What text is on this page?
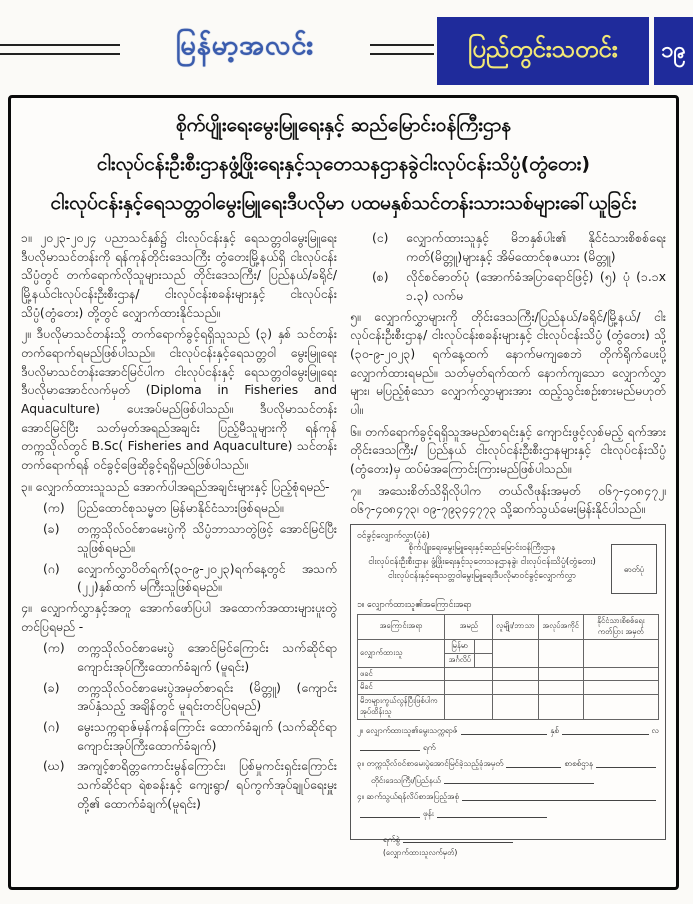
မြန်မာ့အလင်း	ပြည်တွင်းသတင်း ၁၉
စိုက်ပျိုးရေးမွေးမြူရေးနှင့် ဆည်မြောင်းဝန်ကြီးဌာန
ငါးလုပ်ငန်းဦးစီးဌာနဖွံ့ဖြိုးရေးနှင့်သုတေသနဌာနခွဲငါးလုပ်ငန်းသိပ္ပံ(တွံတေး)
ငါးလုပ်ငန်းနှင့်ရေသတ္တဝါမွေးမြူရေးဒီပလိုမာ ပထမနှစ်သင်တန်းသားသစ်များခေါ်ယူခြင်း

၁။ ၂၀၂၃-၂၀၂၄ ပညာသင်နှစ်၌ ငါးလုပ်ငန်းနှင့် ရေသတ္တဝါမွေးမြူရေး ဒီပလိုမာသင်တန်းကို ရန်ကုန်တိုင်းဒေသကြီး တွံတေးမြို့နယ်ရှိ ငါးလုပ်ငန်းသိပ္ပံတွင် တက်ရောက်လိုသူများသည် တိုင်းဒေသကြီး/ ပြည်နယ်/ခရိုင်/မြို့နယ်ငါးလုပ်ငန်းဦးစီးဌာန/ ငါးလုပ်ငန်းစခန်းများနှင့် ငါးလုပ်ငန်းသိပ္ပံ(တွံတေး) တို့တွင် လျှောက်ထားနိုင်သည်။

၂။ ဒီပလိုမာသင်တန်းသို့ တက်ရောက်ခွင့်ရရှိသူသည် (၃) နှစ် သင်တန်းတက်ရောက်ရမည်ဖြစ်ပါသည်။ ငါးလုပ်ငန်းနှင့်ရေသတ္တဝါ မွေးမြူရေး ဒီပလိုမာသင်တန်းအောင်မြင်ပါက ငါးလုပ်ငန်းနှင့် ရေသတ္တဝါမွေးမြူရေး ဒီပလိုမာအောင်လက်မှတ် (Diploma in Fisheries and Aquaculture) ပေးအပ်မည်ဖြစ်ပါသည်။ ဒီပလိုမာသင်တန်း အောင်မြင်ပြီး သတ်မှတ်အရည်အချင်း ပြည့်မီသူများကို ရန်ကုန် တက္ကသိုလ်တွင် B.Sc( Fisheries and Aquaculture) သင်တန်း တက်ရောက်ရန် ဝင်ခွင့်ဖြေဆိုခွင့်ရရှိမည်ဖြစ်ပါသည်။

၃။ လျှောက်ထားသူသည် အောက်ပါအရည်အချင်းများနှင့် ပြည့်စုံရမည်-

(က)	ပြည်ထောင်စုသမ္မတ မြန်မာနိုင်ငံသားဖြစ်ရမည်။
(ခ)	တက္ကသိုလ်ဝင်စာမေးပွဲကို သိပ္ပံဘာသာတွဲဖြင့် အောင်မြင်ပြီးသူဖြစ်ရမည်။
(ဂ)	လျှောက်လွှာပိတ်ရက်(၃၀-၉-၂၀၂၃)ရက်နေ့တွင် အသက် (၂၂)နှစ်ထက် မကြီးသူဖြစ်ရမည်။

၄။ လျှောက်လွှာနှင့်အတူ အောက်ဖော်ပြပါ အထောက်အထားများပူးတွဲတင်ပြရမည် -

(က)	တက္ကသိုလ်ဝင်စာမေးပွဲ အောင်မြင်ကြောင်း သက်ဆိုင်ရာ ကျောင်းအုပ်ကြီးထောက်ခံချက် (မူရင်း)
(ခ)	တက္ကသိုလ်ဝင်စာမေးပွဲအမှတ်စာရင်း (မိတ္တူ) (ကျောင်းအပ်နှံသည့် အချိန်တွင် မူရင်းတင်ပြရမည်)
(ဂ)	မွေးသက္ကရာဇ်မှန်ကန်ကြောင်း ထောက်ခံချက် (သက်ဆိုင်ရာ ကျောင်းအုပ်ကြီးထောက်ခံချက်)
(ဃ)	အကျင့်စာရိတ္တကောင်းမွန်ကြောင်း၊ ပြစ်မှုကင်းရှင်းကြောင်း သက်ဆိုင်ရာ ရဲစခန်းနှင့် ကျေးရွာ/ ရပ်ကွက်အုပ်ချုပ်ရေးမှူးတို့၏ ထောက်ခံချက်(မူရင်း)
(င)	လျှောက်ထားသူနှင့် မိဘနှစ်ပါး၏ နိုင်ငံသားစိစစ်ရေး ကတ်(မိတ္တူ)များနှင့် အိမ်ထောင်စုဇယား (မိတ္တူ)
(စ)	လိုင်စင်ဓာတ်ပုံ (အောက်ခံအပြာရောင်ဖြင့်) (၅) ပုံ (၁.၁x ၁.၃) လက်မ

၅။ လျှောက်လွှာများကို တိုင်းဒေသကြီး/ပြည်နယ်/ခရိုင်/မြို့နယ်/ ငါးလုပ်ငန်းဦးစီးဌာန/ ငါးလုပ်ငန်းစခန်းများနှင့် ငါးလုပ်ငန်းသိပ္ပံ (တွံတေး) သို့ (၃၀-၉-၂၀၂၃) ရက်နေ့ထက် နောက်မကျစေဘဲ တိုက်ရိုက်ပေးပို့လျှောက်ထားရမည်။ သတ်မှတ်ရက်ထက် နောက်ကျသော လျှောက်လွှာများ၊ မပြည့်စုံသော လျှောက်လွှာများအား ထည့်သွင်းစဉ်းစားမည်မဟုတ်ပါ။

၆။ တက်ရောက်ခွင့်ရရှိသူအမည်စာရင်းနှင့် ကျောင်းဖွင့်လှစ်မည့် ရက်အား တိုင်းဒေသကြီး/ ပြည်နယ် ငါးလုပ်ငန်းဦးစီးဌာနများနှင့် ငါးလုပ်ငန်းသိပ္ပံ (တွံတေး)မှ ထပ်မံအကြောင်းကြားမည်ဖြစ်ပါသည်။

၇။ အသေးစိတ်သိရှိလိုပါက တယ်လီဖုန်းအမှတ် ၀၆၇-၄၀၈၄၇၂၊ ၀၆၇-၄၀၈၄၇၃၊ ၀၉-၇၉၃၄၄၇၇၃ သို့ဆက်သွယ်မေးမြန်းနိုင်ပါသည်။

ဝင်ခွင့်လျှောက်လွှာ(ပုံစံ)
စိုက်ပျိုးရေးမွေးမြူရေးနှင့်ဆည်မြောင်းဝန်ကြီးဌာန
ငါးလုပ်ငန်းဦးစီးဌာန၊ ဖွံ့ဖြိုးရေးနှင့်သုတေသနဌာနခွဲ၊ ငါးလုပ်ငန်းသိပ္ပံ(တွံတေး)
ငါးလုပ်ငန်းနှင့်ရေသတ္တဝါမွေးမြူရေးဒီပလိုမာဝင်ခွင့်လျှောက်လွှာ
ဓာတ်ပုံ
၁။ လျှောက်ထားသူ၏အကြောင်းအရာ
အကြောင်းအရာ	အမည်		လူမျိုး/ဘာသာ	အလုပ်အကိုင်	နိုင်ငံသားစိစစ်ရေးကတ်ပြား အမှတ်
လျှောက်ထားသူ	မြန်မာ				
	အင်္ဂလိပ်				
ဖခင်					
မိခင်					
မိဘများကွယ်လွန်ပြီးဖြစ်ပါက အုပ်ထိန်းသူ					
၂။ လျှောက်ထားသူ၏မွေးသက္ကရာဇ်	နှစ်	လ
ရက်
၃။ တက္ကသိုလ်ဝင်စာမေးပွဲအောင်မြင်ခဲ့သည့်ခုံအမှတ်	စာစစ်ဌာန
တိုင်းဒေသကြီး/ပြည်နယ်
၄။ ဆက်သွယ်ရန်လိပ်စာအပြည့်အစုံ
ဖုန်း
ရက်စွဲ
(လျှောက်ထားသူလက်မှတ်)
